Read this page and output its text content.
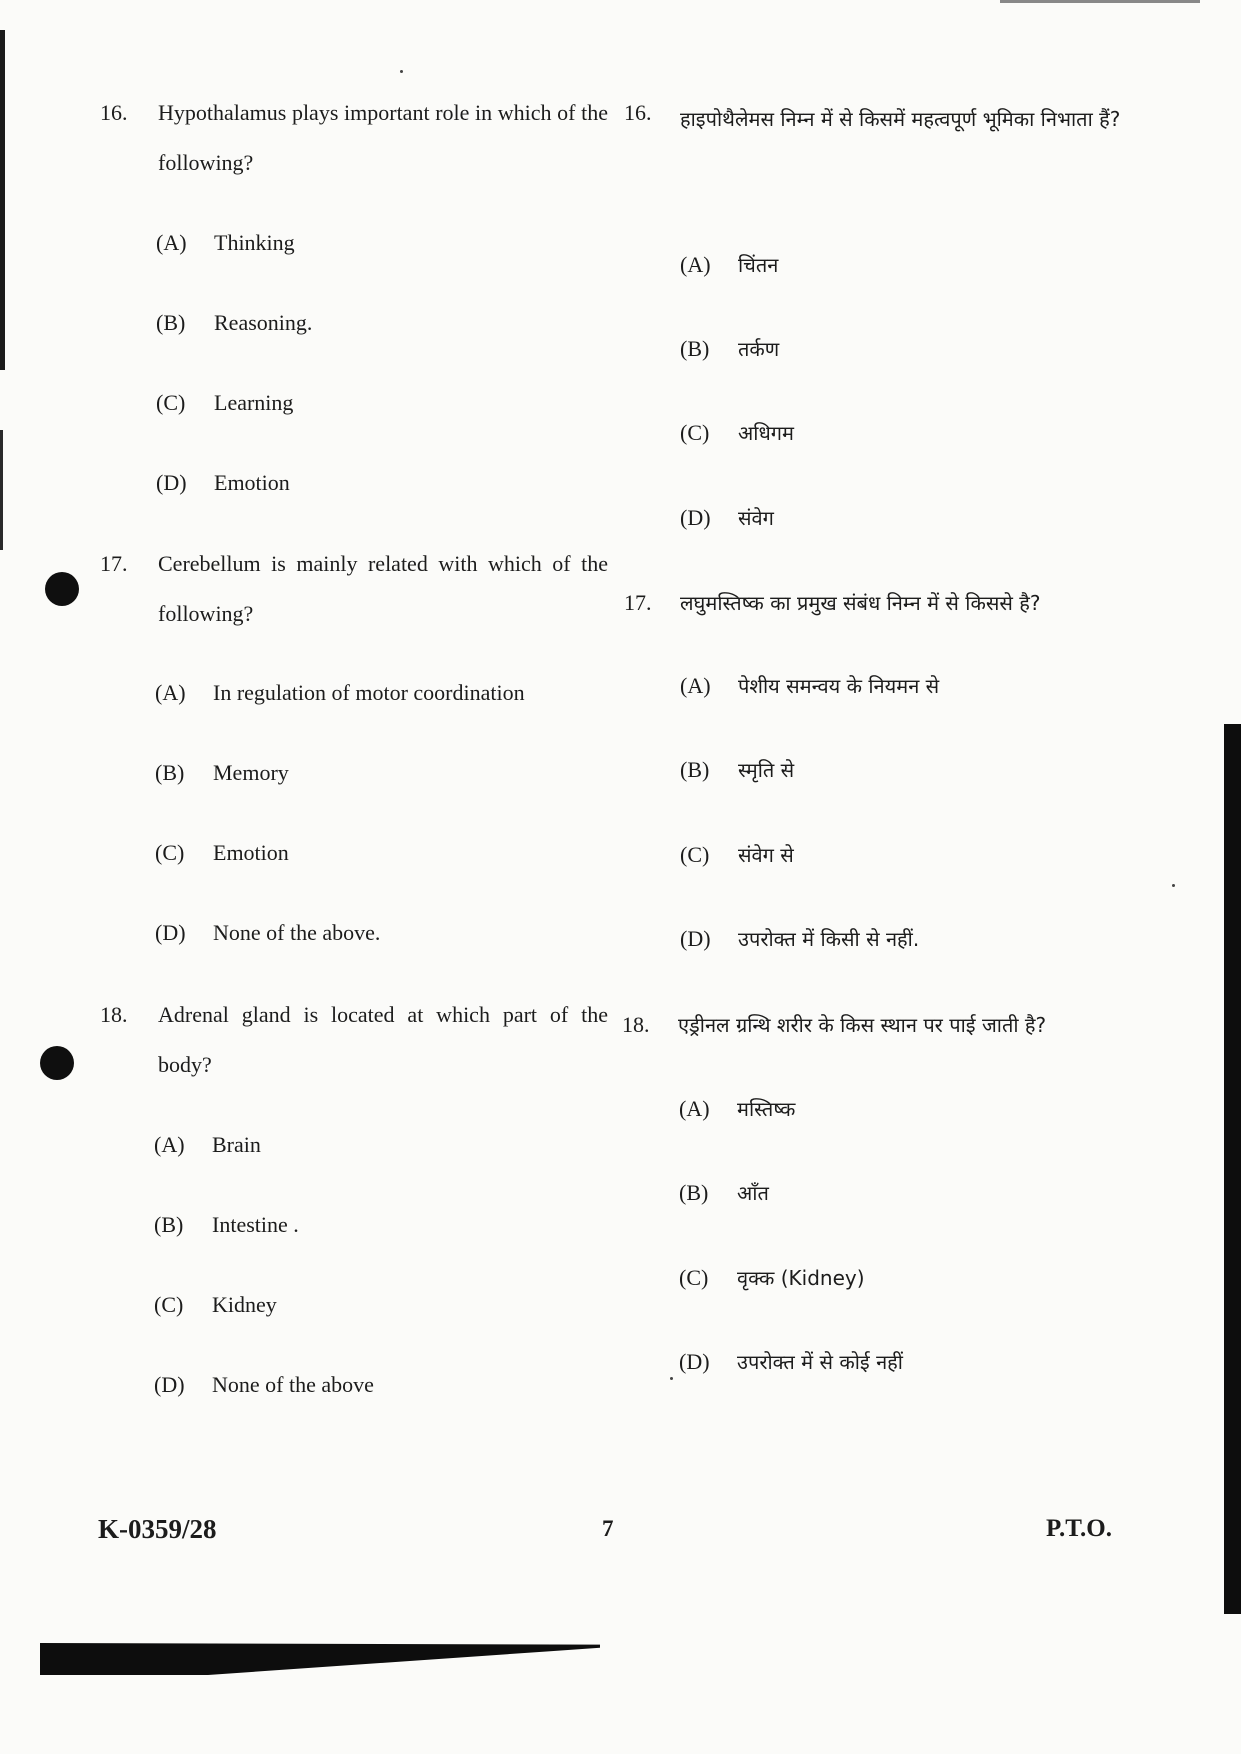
16.	Hypothalamus plays important role in which of the following?
(A) Thinking
(B) Reasoning.
(C) Learning
(D) Emotion
17.	Cerebellum is mainly related with which of the following?
(A) In regulation of motor coordination
(B) Memory
(C) Emotion
(D) None of the above.
18.	Adrenal gland is located at which part of the body?
(A) Brain
(B) Intestine .
(C) Kidney
(D) None of the above
16.	हाइपोथैलेमस निम्न में से किसमें महत्वपूर्ण भूमिका निभाता हैं?
(A) चिंतन
(B) तर्कण
(C) अधिगम
(D) संवेग
17.	लघुमस्तिष्क का प्रमुख संबंध निम्न में से किससे है?
(A) पेशीय समन्वय के नियमन से
(B) स्मृति से
(C) संवेग से
(D) उपरोक्त में किसी से नहीं.
18.	एड्रीनल ग्रन्थि शरीर के किस स्थान पर पाई जाती है?
(A) मस्तिष्क
(B) आँत
(C) वृक्क (Kidney)
(D) उपरोक्त में से कोई नहीं
K-0359/28	7	P.T.O.
